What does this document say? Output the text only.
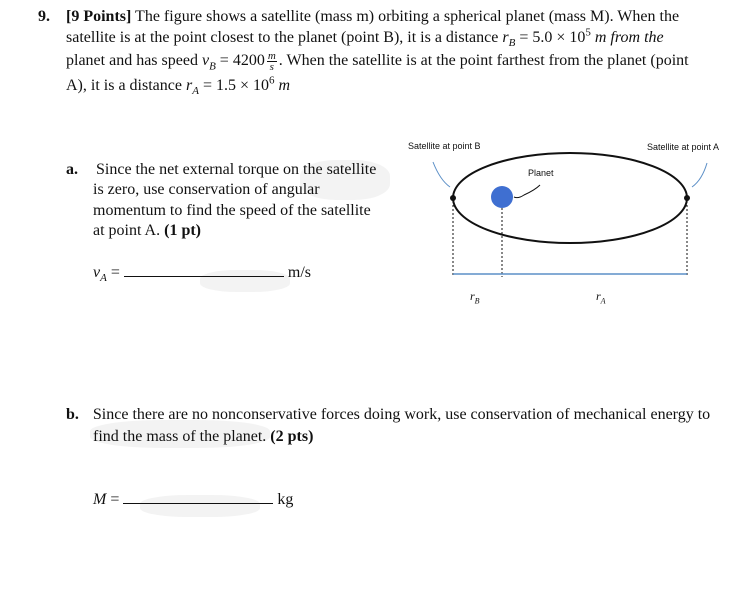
9. [9 Points] The figure shows a satellite (mass m) orbiting a spherical planet (mass M). When the
satellite is at the point closest to the planet (point B), it is a distance $r_B = 5.0 \times 10^5$ m from the
planet and has speed $v_B = 4200 \frac{m}{s}$ . When the satellite is at the point farthest from the planet (point
A), it is a distance $r_A = 1.5 \times 10^6$ m
a. Since the net external torque on the satellite
is zero, use conservation of angular
momentum to find the speed of the satellite
at point A. (1 pt)
$v_A$ =	m/s
b. Since there are no nonconservative forces doing work, use conservation of mechanical energy to
find the mass of the planet. (2 pts)
M =	kg
Satellite at point B	Satellite at point A
Planet
$r_B$	$r_A$
